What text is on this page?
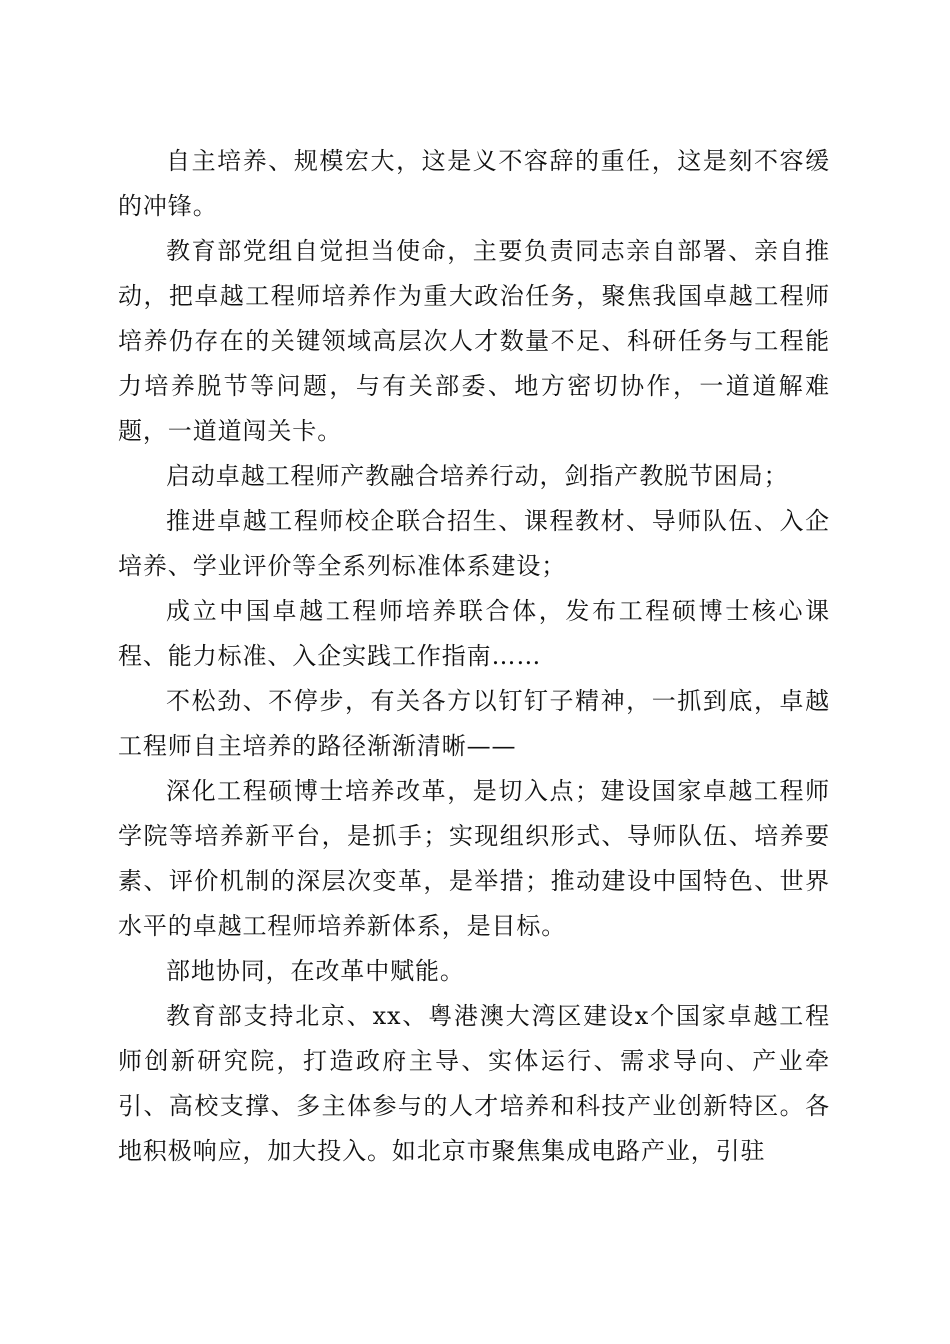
自主培养、规模宏大，这是义不容辞的重任，这是刻不容缓的冲锋。

教育部党组自觉担当使命，主要负责同志亲自部署、亲自推动，把卓越工程师培养作为重大政治任务，聚焦我国卓越工程师培养仍存在的关键领域高层次人才数量不足、科研任务与工程能力培养脱节等问题，与有关部委、地方密切协作，一道道解难题，一道道闯关卡。

启动卓越工程师产教融合培养行动，剑指产教脱节困局；

推进卓越工程师校企联合招生、课程教材、导师队伍、入企培养、学业评价等全系列标准体系建设；

成立中国卓越工程师培养联合体，发布工程硕博士核心课程、能力标准、入企实践工作指南……

不松劲、不停步，有关各方以钉钉子精神，一抓到底，卓越工程师自主培养的路径渐渐清晰——

深化工程硕博士培养改革，是切入点；建设国家卓越工程师学院等培养新平台，是抓手；实现组织形式、导师队伍、培养要素、评价机制的深层次变革，是举措；推动建设中国特色、世界水平的卓越工程师培养新体系，是目标。

部地协同，在改革中赋能。

教育部支持北京、xx、粤港澳大湾区建设x个国家卓越工程师创新研究院，打造政府主导、实体运行、需求导向、产业牵引、高校支撑、多主体参与的人才培养和科技产业创新特区。各地积极响应，加大投入。如北京市聚焦集成电路产业，引驻
